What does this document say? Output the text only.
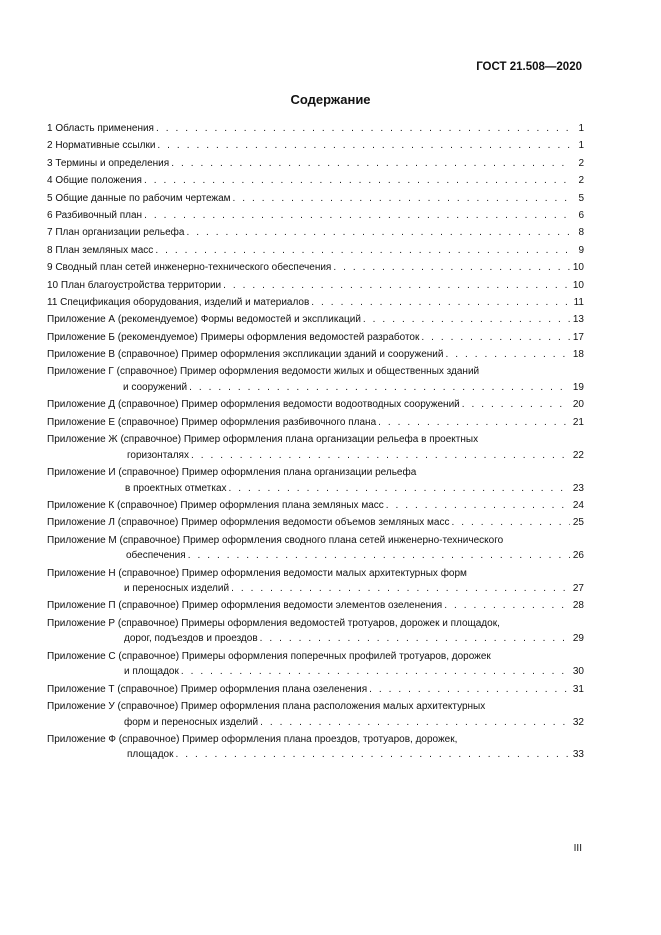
ГОСТ 21.508—2020
Содержание
1 Область применения . . .	1
2 Нормативные ссылки . . .	1
3 Термины и определения . . .	2
4 Общие положения . . .	2
5 Общие данные по рабочим чертежам . . .	5
6 Разбивочный план . . .	6
7 План организации рельефа . . .	8
8 План земляных масс . . .	9
9 Сводный план сетей инженерно-технического обеспечения . . .	10
10 План благоустройства территории . . .	10
11 Спецификация оборудования, изделий и материалов . . .	11
Приложение А (рекомендуемое) Формы ведомостей и экспликаций . . .	13
Приложение Б (рекомендуемое) Примеры оформления ведомостей разработок . . .	17
Приложение В (справочное) Пример оформления экспликации зданий и сооружений . . .	18
Приложение Г (справочное) Пример оформления ведомости жилых и общественных зданий
и сооружений . . .	19
Приложение Д (справочное) Пример оформления ведомости водоотводных сооружений . . .	20
Приложение Е (справочное) Пример оформления разбивочного плана . . .	21
Приложение Ж (справочное) Пример оформления плана организации рельефа в проектных
горизонталях . . .	22
Приложение И (справочное) Пример оформления плана организации рельефа
в проектных отметках . . .	23
Приложение К (справочное) Пример оформления плана земляных масс . . .	24
Приложение Л (справочное) Пример оформления ведомости объемов земляных масс . . .	25
Приложение М (справочное) Пример оформления сводного плана сетей инженерно-технического
обеспечения . . .	26
Приложение Н (справочное) Пример оформления ведомости малых архитектурных форм
и переносных изделий . . .	27
Приложение П (справочное) Пример оформления ведомости элементов озеленения . . .	28
Приложение Р (справочное) Примеры оформления ведомостей тротуаров, дорожек и площадок,
дорог, подъездов и проездов . . .	29
Приложение С (справочное) Примеры оформления поперечных профилей тротуаров, дорожек
и площадок . . .	30
Приложение Т (справочное) Пример оформления плана озеленения . . .	31
Приложение У (справочное) Пример оформления плана расположения малых архитектурных
форм и переносных изделий . . .	32
Приложение Ф (справочное) Пример оформления плана проездов, тротуаров, дорожек,
площадок . . .	33
III
